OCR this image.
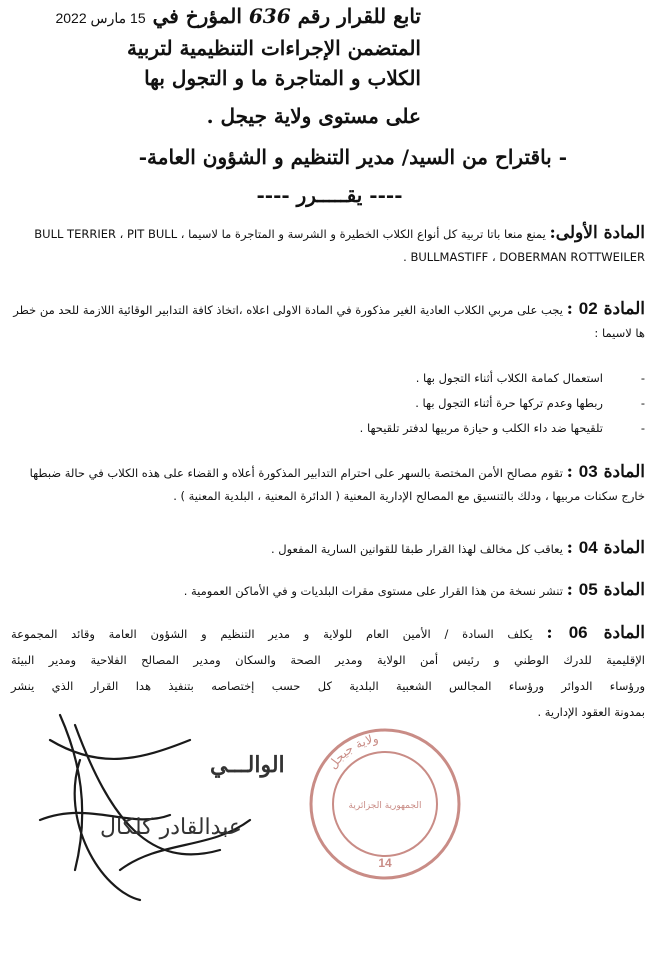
تابع للقرار رقم 636 المؤرخ في 15 مارس 2022
المتضمن الإجراءات التنظيمية لتربية
الكلاب و المتاجرة ما و التجول بها
على مستوى ولاية جيجل .
- باقتراح من السيد/ مدير التنظيم و الشؤون العامة-
---- يقـــــرر ----
المادة الأولى: يمنع منعا باتا تربية كل أنواع الكلاب الخطيرة و الشرسة و المتاجرة ما لاسيما BULL TERRIER ، PIT BULL ، BULLMASTIFF ، DOBERMAN ROTTWEILER .
المادة 02 : يجب على مربي الكلاب العادية الغير مذكورة في المادة الاولى اعلاه ،اتخاذ كافة التدابير الوقائية اللازمة للحد من خطر ها لاسيما :
- استعمال كمامة الكلاب أثناء التجول بها .
- ربطها وعدم تركها حرة أثناء التجول بها .
- تلقيحها ضد داء الكلب و حيازة مربيها لدفتر تلقيحها .
المادة 03 : تقوم مصالح الأمن المختصة بالسهر على احترام التدابير المذكورة أعلاه و القضاء على هذه الكلاب في حالة ضبطها خارج سكنات مربيها ، ودلك بالتنسيق مع المصالح الإدارية المعنية ( الدائرة المعنية ، البلدية المعنية ) .
المادة 04 : يعاقب كل مخالف لهذا القرار طبقا للقوانين السارية المفعول .
المادة 05 : تنشر نسخة من هذا القرار على مستوى مقرات البلديات و في الأماكن العمومية .
المادة 06 : يكلف السادة / الأمين العام للولاية و مدير التنظيم و الشؤون العامة وقائد المجموعة
الإقليمية للدرك الوطني و رئيس أمن الولاية ومدير الصحة والسكان ومدير المصالح الفلاحية ومدير البيئة
ورؤساء الدوائر ورؤساء المجالس الشعبية البلدية كل حسب إختصاصه بتنفيذ هدا القرار الذي ينشر
بمدونة العقود الإدارية .
الوالـــي
عبدالقادر كلكال
ولاية جيجل
الجمهورية الجزائرية
14
